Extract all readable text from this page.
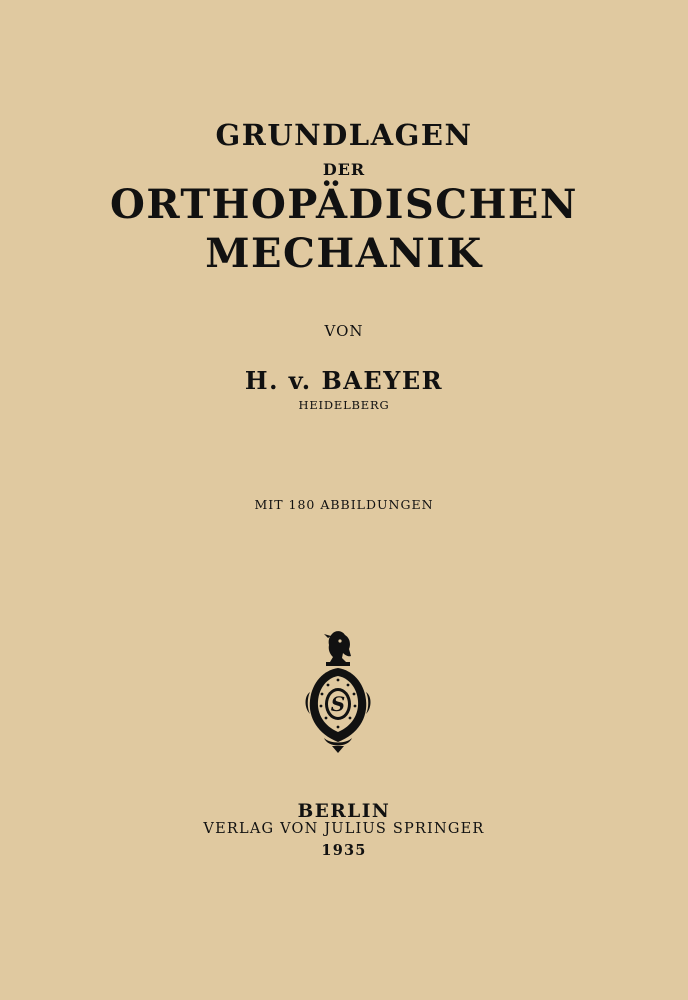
GRUNDLAGEN
DER
ORTHOPÄDISCHEN
MECHANIK
VON
H. v. BAEYER
HEIDELBERG
MIT 180 ABBILDUNGEN
S
BERLIN
VERLAG VON JULIUS SPRINGER
1935
